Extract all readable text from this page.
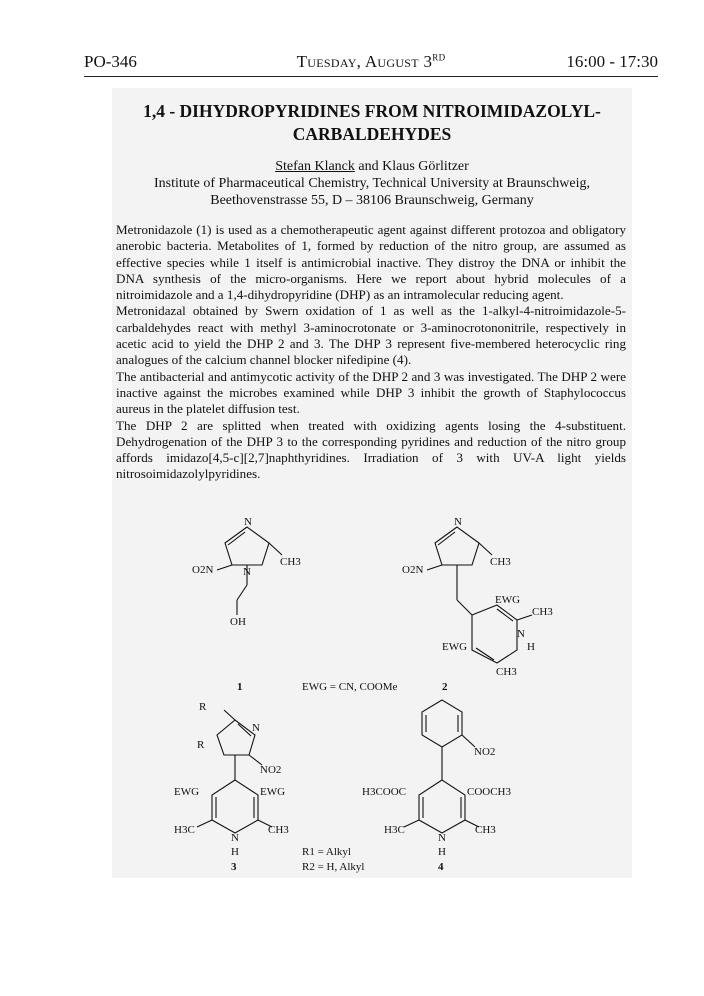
PO-346	Tuesday, August 3RD	16:00 - 17:30
1,4 - DIHYDROPYRIDINES FROM NITROIMIDAZOLYL-
CARBALDEHYDES
Stefan Klanck and Klaus Görlitzer
Institute of Pharmaceutical Chemistry, Technical University at Braunschweig,
Beethovenstrasse 55, D – 38106 Braunschweig, Germany

Metronidazole (1) is used as a chemotherapeutic agent against different protozoa and obligatory anerobic bacteria. Metabolites of 1, formed by reduction of the nitro group, are assumed as effective species while 1 itself is antimicrobial inactive. They distroy the DNA or inhibit the DNA synthesis of the micro-organisms. Here we report about hybrid molecules of a nitroimidazole and a 1,4-dihydropyridine (DHP) as an intramolecular reducing agent.

Metronidazal obtained by Swern oxidation of 1 as well as the 1-alkyl-4-nitroimidazole-5-carbaldehydes react with methyl 3-aminocrotonate or 3-aminocrotononitrile, respectively in acetic acid to yield the DHP 2 and 3. The DHP 3 represent five-membered heterocyclic ring analogues of the calcium channel blocker nifedipine (4).

The antibacterial and antimycotic activity of the DHP 2 and 3 was investigated. The DHP 2 were inactive against the microbes examined while DHP 3 inhibit the growth of Staphylococcus aureus in the platelet diffusion test.

The DHP 2 are splitted when treated with oxidizing agents losing the 4-substituent. Dehydrogenation of the DHP 3 to the corresponding pyridines and reduction of the nitro group affords imidazo[4,5-c][2,7]naphthyridines. Irradiation of 3 with UV-A light yields nitrosoimidazolylpyridines.

N
O2N	N
CH3
OH
1
N
O2N
CH3
EWG
CH3
N
H
EWG
CH3
2
EWG = CN, COOMe
R
R
N
NO2
EWG	EWG
H3C	CH3
N
H
3
R1 = Alkyl
R2 = H, Alkyl
NO2
H3COOC	COOCH3
H3C	CH3
N
H
4
